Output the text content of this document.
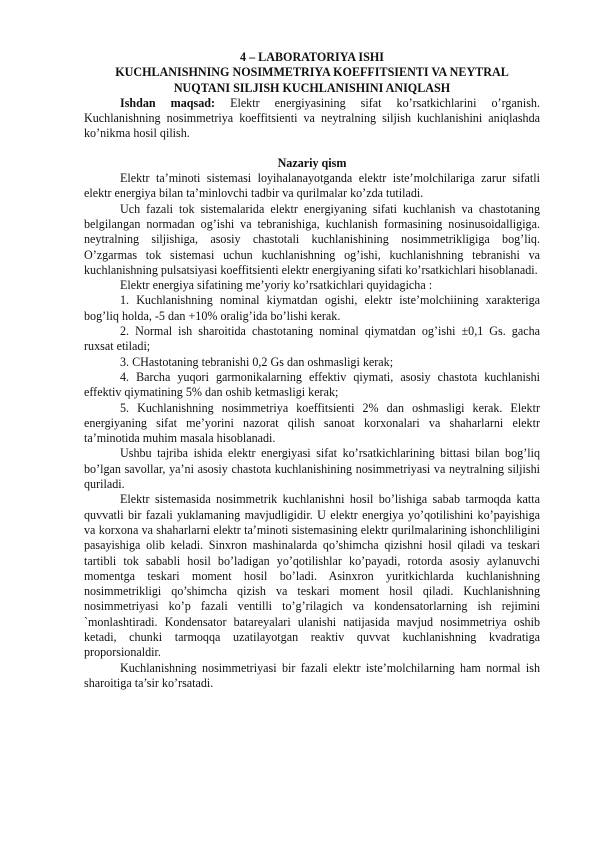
4 – LABORATORIYA ISHI
KUCHLANISHNING NOSIMMETRIYA KOEFFITSIENTI VA NEYTRAL
NUQTANI SILJISH KUCHLANISHINI ANIQLASH

Ishdan maqsad: Elektr energiyasining sifat ko’rsatkichlarini o’rganish. Kuchlanishning nosimmetriya koeffitsienti va neytralning siljish kuchlanishini aniqlashda ko’nikma hosil qilish.

Nazariy qism

Elektr ta’minoti sistemasi loyihalanayotganda elektr iste’molchilariga zarur sifatli elektr energiya bilan ta’minlovchi tadbir va qurilmalar ko’zda tutiladi.

Uch fazali tok sistemalarida elektr energiyaning sifati kuchlanish va chastotaning belgilangan normadan og’ishi va tebranishiga, kuchlanish formasining nosinusoidalligiga. neytralning siljishiga, asosiy chastotali kuchlanishining nosimmetrikligiga bog’liq. O’zgarmas tok sistemasi uchun kuchlanishning og’ishi, kuchlanishning tebranishi va kuchlanishning pulsatsiyasi koeffitsienti elektr energiyaning sifati ko’rsatkichlari hisoblanadi.

Elektr energiya sifatining me’yoriy ko’rsatkichlari quyidagicha :

1. Kuchlanishning nominal kiymatdan ogishi, elektr iste’molchiining xarakteriga bog’liq holda, -5 dan +10% oralig’ida bo’lishi kerak.

2. Normal ish sharoitida chastotaning nominal qiymatdan og’ishi ±0,1 Gs. gacha ruxsat etiladi;

3. CHastotaning tebranishi 0,2 Gs dan oshmasligi kerak;

4. Barcha yuqori garmonikalarning effektiv qiymati, asosiy chastota kuchlanishi effektiv qiymatining 5% dan oshib ketmasligi kerak;

5. Kuchlanishning nosimmetriya koeffitsienti 2% dan oshmasligi kerak. Elektr energiyaning sifat me’yorini nazorat qilish sanoat korxonalari va shaharlarni elektr ta’minotida muhim masala hisoblanadi.

Ushbu tajriba ishida elektr energiyasi sifat ko’rsatkichlarining bittasi bilan bog’liq bo’lgan savollar, ya’ni asosiy chastota kuchlanishining nosimmetriyasi va neytralning siljishi quriladi.

Elektr sistemasida nosimmetrik kuchlanishni hosil bo’lishiga sabab tarmoqda katta quvvatli bir fazali yuklamaning mavjudligidir. U elektr energiya yo’qotilishini ko’payishiga va korxona va shaharlarni elektr ta’minoti sistemasining elektr qurilmalarining ishonchliligini pasayishiga olib keladi. Sinxron mashinalarda qo’shimcha qizishni hosil qiladi va teskari tartibli tok sababli hosil bo’ladigan yo’qotilishlar ko’payadi, rotorda asosiy aylanuvchi momentga teskari moment hosil bo’ladi. Asinxron yuritkichlarda kuchlanishning nosimmetrikligi qo’shimcha qizish va teskari moment hosil qiladi. Kuchlanishning nosimmetriyasi ko’p fazali ventilli to’g’rilagich va kondensatorlarning ish rejimini `monlashtiradi. Kondensator batareyalari ulanishi natijasida mavjud nosimmetriya oshib ketadi, chunki tarmoqqa uzatilayotgan reaktiv quvvat kuchlanishning kvadratiga proporsionaldir.

Kuchlanishning nosimmetriyasi bir fazali elektr iste’molchilarning ham normal ish sharoitiga ta’sir ko’rsatadi.
